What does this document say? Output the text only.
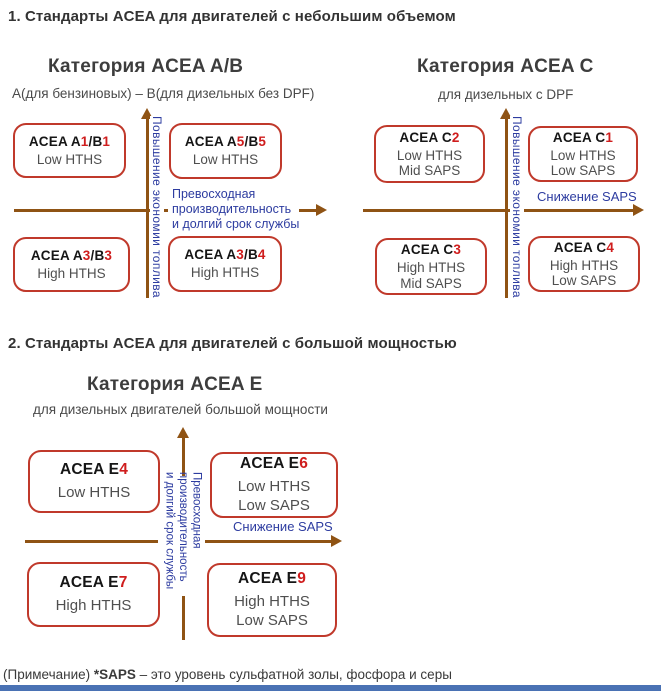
1. Стандарты ACEA для двигателей с небольшим объемом
Категория ACEA A/B
А(для бензиновых) – В(для дизельных без DPF)
Повышение экономии топлива Превосходная
производительность
и долгий срок службы
ACEA A1/B1
Low HTHS
ACEA A5/B5
Low HTHS
ACEA A3/B3
High HTHS
ACEA A3/B4
High HTHS
Категория ACEA C
для дизельных с DPF
Повышение экономии топлива Снижение SAPS
ACEA C2
Low HTHS
Mid SAPS
ACEA C1
Low HTHS
Low SAPS
ACEA C3
High HTHS
Mid SAPS
ACEA C4
High HTHS
Low SAPS
2. Стандарты ACEA для двигателей с большой мощностью
Категория ACEA E
для дизельных двигателей большой мощности
Превосходная
производительность
и долгий срок службы	Снижение SAPS
ACEA E4
Low HTHS
ACEA E6
Low HTHS
Low SAPS
ACEA E7
High HTHS
ACEA E9
High HTHS
Low SAPS
(Примечание) *SAPS – это уровень сульфатной золы, фосфора и серы
